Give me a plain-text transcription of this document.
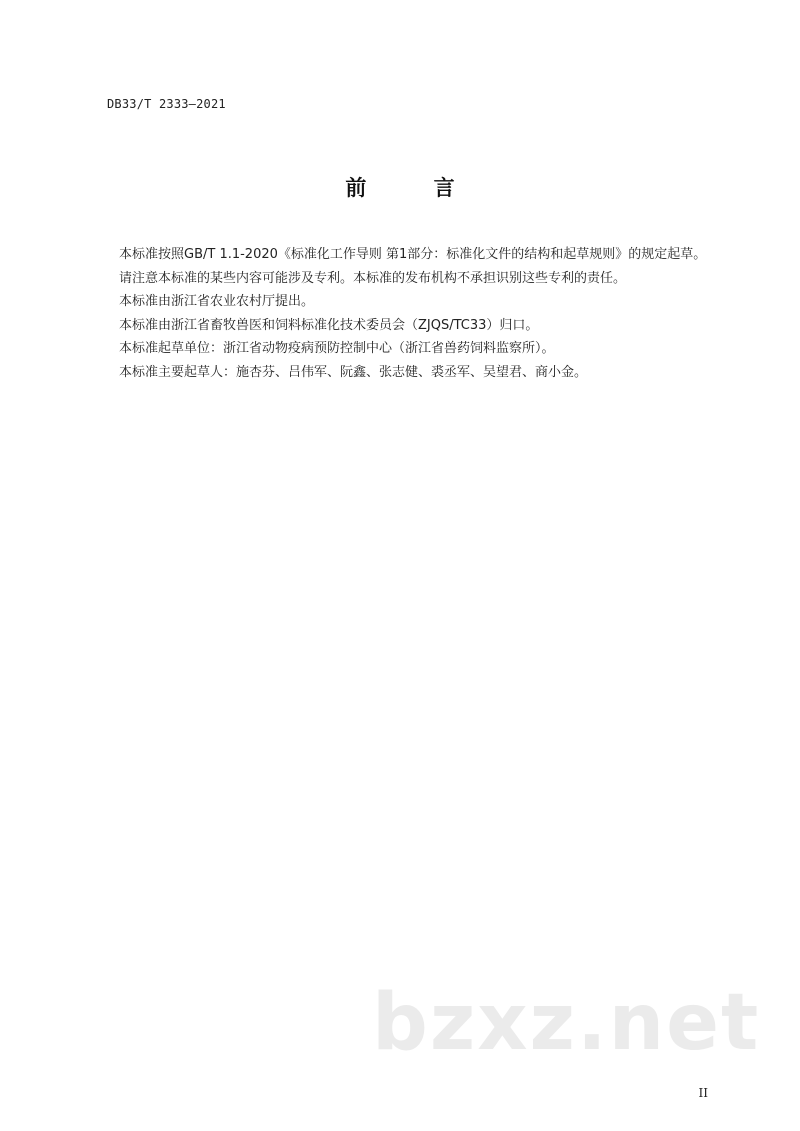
DB33/T 2333—2021
前 言

本标准按照GB/T 1.1-2020《标准化工作导则 第1部分：标准化文件的结构和起草规则》的规定起草。

请注意本标准的某些内容可能涉及专利。本标准的发布机构不承担识别这些专利的责任。

本标准由浙江省农业农村厅提出。

本标准由浙江省畜牧兽医和饲料标准化技术委员会（ZJQS/TC33）归口。

本标准起草单位：浙江省动物疫病预防控制中心（浙江省兽药饲料监察所）。

本标准主要起草人：施杏芬、吕伟军、阮鑫、张志健、裘丞军、吴望君、商小金。

bzxz.net
II
